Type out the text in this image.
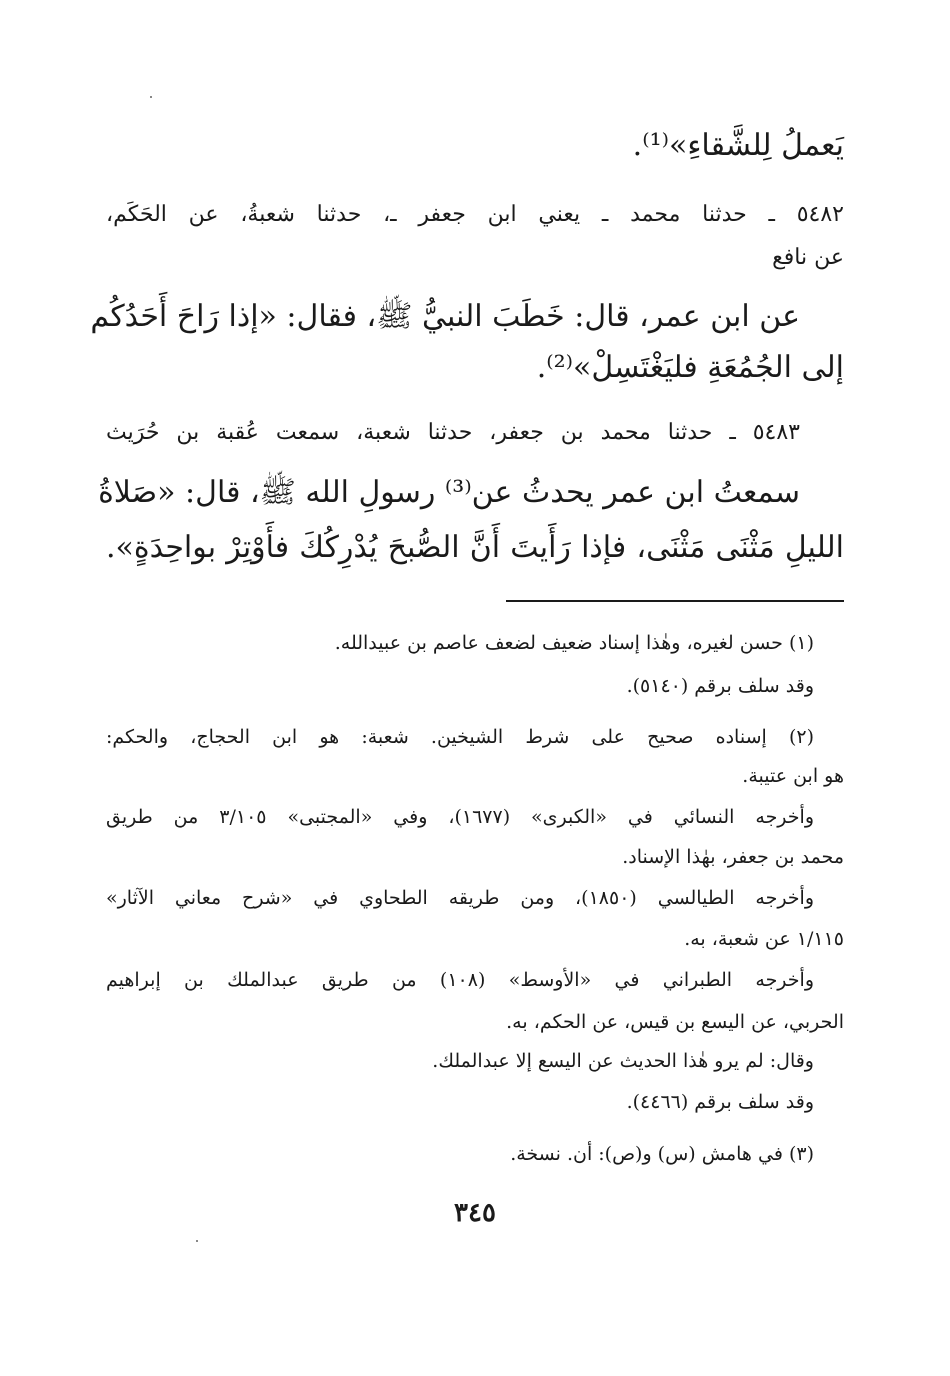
يَعملُ لِلشَّقاءِ»⁽¹⁾.
٥٤٨٢ ـ حدثنا محمد ـ يعني ابن جعفر ـ، حدثنا شعبةُ، عن الحَكَم،
عن نافع
عن ابن عمر، قال: خَطَبَ النبيُّ ﷺ، فقال: «إذا رَاحَ أَحَدُكُم
إلى الجُمُعَةِ فليَغْتَسِلْ»⁽²⁾.
٥٤٨٣ ـ حدثنا محمد بن جعفر، حدثنا شعبة، سمعت عُقبة بن حُرَيث
سمعتُ ابن عمر يحدثُ عن⁽³⁾ رسولِ الله ﷺ، قال: «صَلاةُ
الليلِ مَثْنَى مَثْنَى، فإذا رَأَيتَ أَنَّ الصُّبحَ يُدْرِكُكَ فأَوْتِرْ بواحِدَةٍ».
(١) حسن لغيره، وهٰذا إسناد ضعيف لضعف عاصم بن عبيدالله.
وقد سلف برقم (٥١٤٠).
(٢) إسناده صحيح على شرط الشيخين. شعبة: هو ابن الحجاج، والحكم:
هو ابن عتيبة.
وأخرجه النسائي في «الكبرى» (١٦٧٧)، وفي «المجتبى» ٣/١٠٥ من طريق
محمد بن جعفر، بهٰذا الإسناد.
وأخرجه الطيالسي (١٨٥٠)، ومن طريقه الطحاوي في «شرح معاني الآثار»
١/١١٥ عن شعبة، به.
وأخرجه الطبراني في «الأوسط» (١٠٨) من طريق عبدالملك بن إبراهيم
الحربي، عن اليسع بن قيس، عن الحكم، به.
وقال: لم يرو هٰذا الحديث عن اليسع إلا عبدالملك.
وقد سلف برقم (٤٤٦٦).
(٣) في هامش (س) و(ص): أن. نسخة.
٣٤٥
